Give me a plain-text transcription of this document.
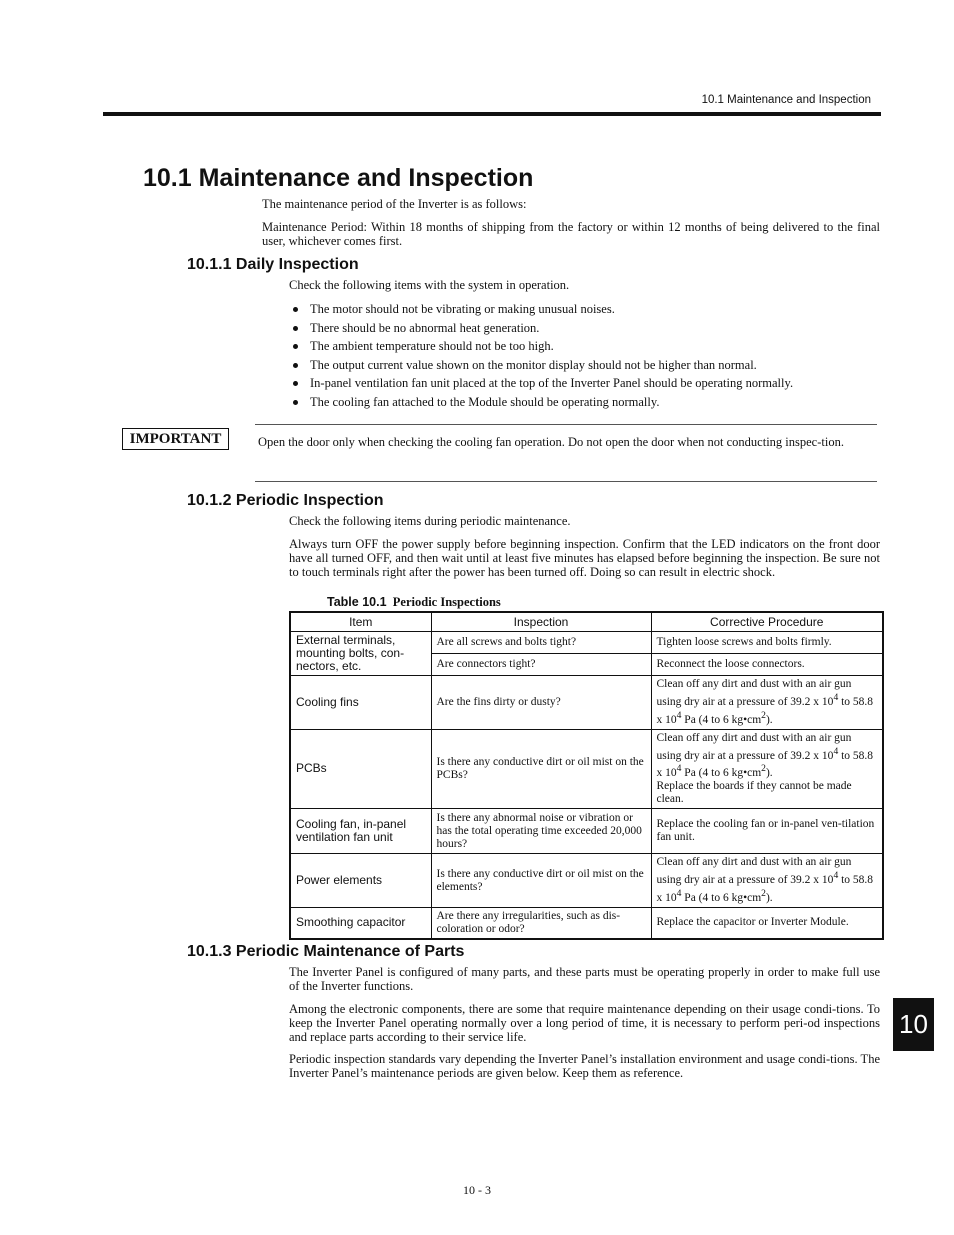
10.1 Maintenance and Inspection
10.1 Maintenance and Inspection

The maintenance period of the Inverter is as follows:

Maintenance Period: Within 18 months of shipping from the factory or within 12 months of being delivered to the final user, whichever comes first.

10.1.1 Daily Inspection

Check the following items with the system in operation.

The motor should not be vibrating or making unusual noises.
There should be no abnormal heat generation.
The ambient temperature should not be too high.
The output current value shown on the monitor display should not be higher than normal.
In-panel ventilation fan unit placed at the top of the Inverter Panel should be operating normally.
The cooling fan attached to the Module should be operating normally.
IMPORTANT	Open the door only when checking the cooling fan operation. Do not open the door when not conducting inspec-tion.

10.1.2 Periodic Inspection

Check the following items during periodic maintenance.

Always turn OFF the power supply before beginning inspection. Confirm that the LED indicators on the front door have all turned OFF, and then wait until at least five minutes has elapsed before beginning the inspection. Be sure not to touch terminals right after the power has been turned off. Doing so can result in electric shock.

Table 10.1 Periodic Inspections
Item	Inspection	Corrective Procedure
External terminals, mounting bolts, con-nectors, etc.	Are all screws and bolts tight?	Tighten loose screws and bolts firmly.
	Are connectors tight?	Reconnect the loose connectors.
Cooling fins	Are the fins dirty or dusty?	Clean off any dirt and dust with an air gun using dry air at a pressure of 39.2 x $10^4$ to 58.8 x $10^4$ Pa (4 to 6 $kg•cm^2$).
PCBs	Is there any conductive dirt or oil mist on the PCBs?	Clean off any dirt and dust with an air gun using dry air at a pressure of 39.2 x $10^4$ to 58.8 x $10^4$ Pa (4 to 6 $kg•cm^2$).
Replace the boards if they cannot be made clean.
Cooling fan, in-panel ventilation fan unit	Is there any abnormal noise or vibration or has the total operating time exceeded 20,000 hours?	Replace the cooling fan or in-panel ven-tilation fan unit.
Power elements	Is there any conductive dirt or oil mist on the elements?	Clean off any dirt and dust with an air gun using dry air at a pressure of 39.2 x $10^4$ to 58.8 x $10^4$ Pa (4 to 6 $kg•cm^2$).
Smoothing capacitor	Are there any irregularities, such as dis-coloration or odor?	Replace the capacitor or Inverter Module.
10.1.3 Periodic Maintenance of Parts

The Inverter Panel is configured of many parts, and these parts must be operating properly in order to make full use of the Inverter functions.

Among the electronic components, there are some that require maintenance depending on their usage condi-tions. To keep the Inverter Panel operating normally over a long period of time, it is necessary to perform peri-od inspections and replace parts according to their service life.

Periodic inspection standards vary depending the Inverter Panel’s installation environment and usage condi-tions. The Inverter Panel’s maintenance periods are given below. Keep them as reference.

10
10 - 3
